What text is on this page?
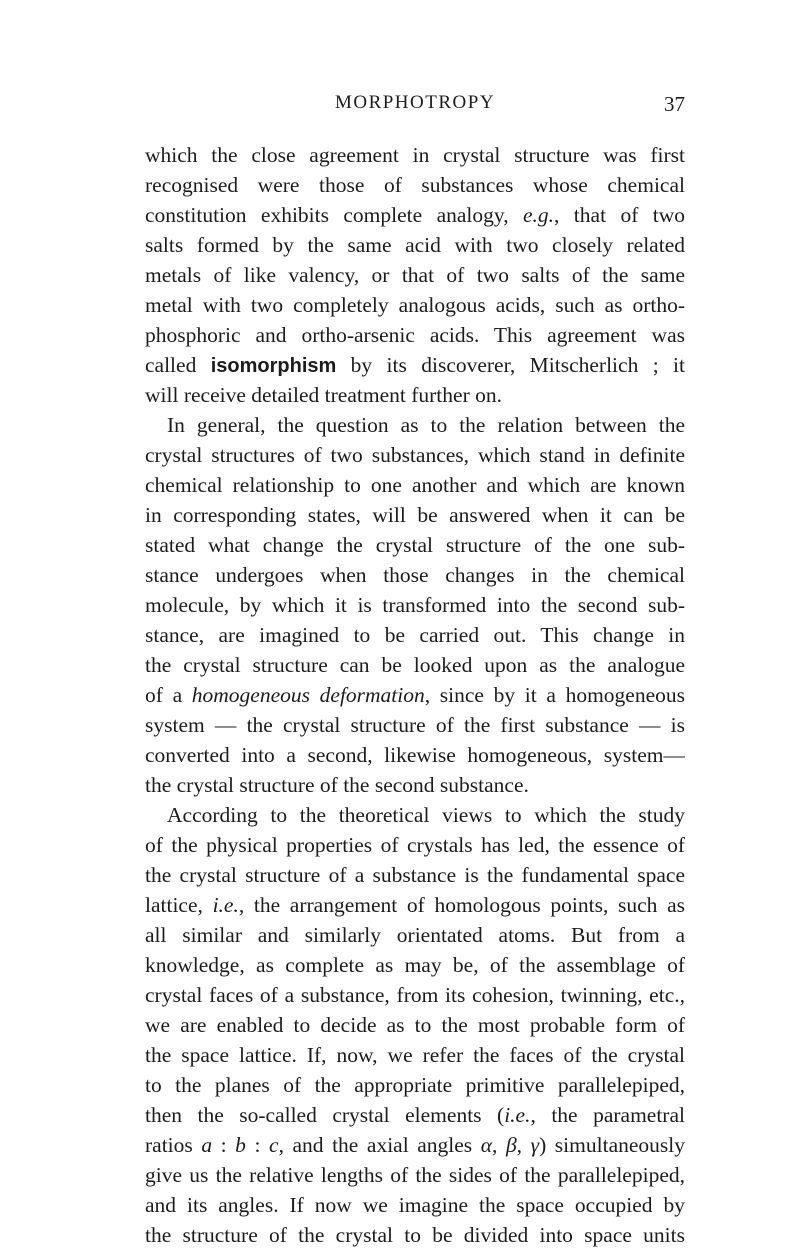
MORPHOTROPY	37
which the close agreement in crystal structure was first
recognised were those of substances whose chemical
constitution exhibits complete analogy, e.g., that of two
salts formed by the same acid with two closely related
metals of like valency, or that of two salts of the same
metal with two completely analogous acids, such as ortho-
phosphoric and ortho-arsenic acids. This agreement was
called isomorphism by its discoverer, Mitscherlich ; it
will receive detailed treatment further on.
In general, the question as to the relation between the
crystal structures of two substances, which stand in definite
chemical relationship to one another and which are known
in corresponding states, will be answered when it can be
stated what change the crystal structure of the one sub-
stance undergoes when those changes in the chemical
molecule, by which it is transformed into the second sub-
stance, are imagined to be carried out. This change in
the crystal structure can be looked upon as the analogue
of a homogeneous deformation, since by it a homogeneous
system — the crystal structure of the first substance — is
converted into a second, likewise homogeneous, system—
the crystal structure of the second substance.
According to the theoretical views to which the study
of the physical properties of crystals has led, the essence of
the crystal structure of a substance is the fundamental space
lattice, i.e., the arrangement of homologous points, such as
all similar and similarly orientated atoms. But from a
knowledge, as complete as may be, of the assemblage of
crystal faces of a substance, from its cohesion, twinning, etc.,
we are enabled to decide as to the most probable form of
the space lattice. If, now, we refer the faces of the crystal
to the planes of the appropriate primitive parallelepiped,
then the so-called crystal elements (i.e., the parametral
ratios a : b : c, and the axial angles α, β, γ) simultaneously
give us the relative lengths of the sides of the parallelepiped,
and its angles. If now we imagine the space occupied by
the structure of the crystal to be divided into space units
